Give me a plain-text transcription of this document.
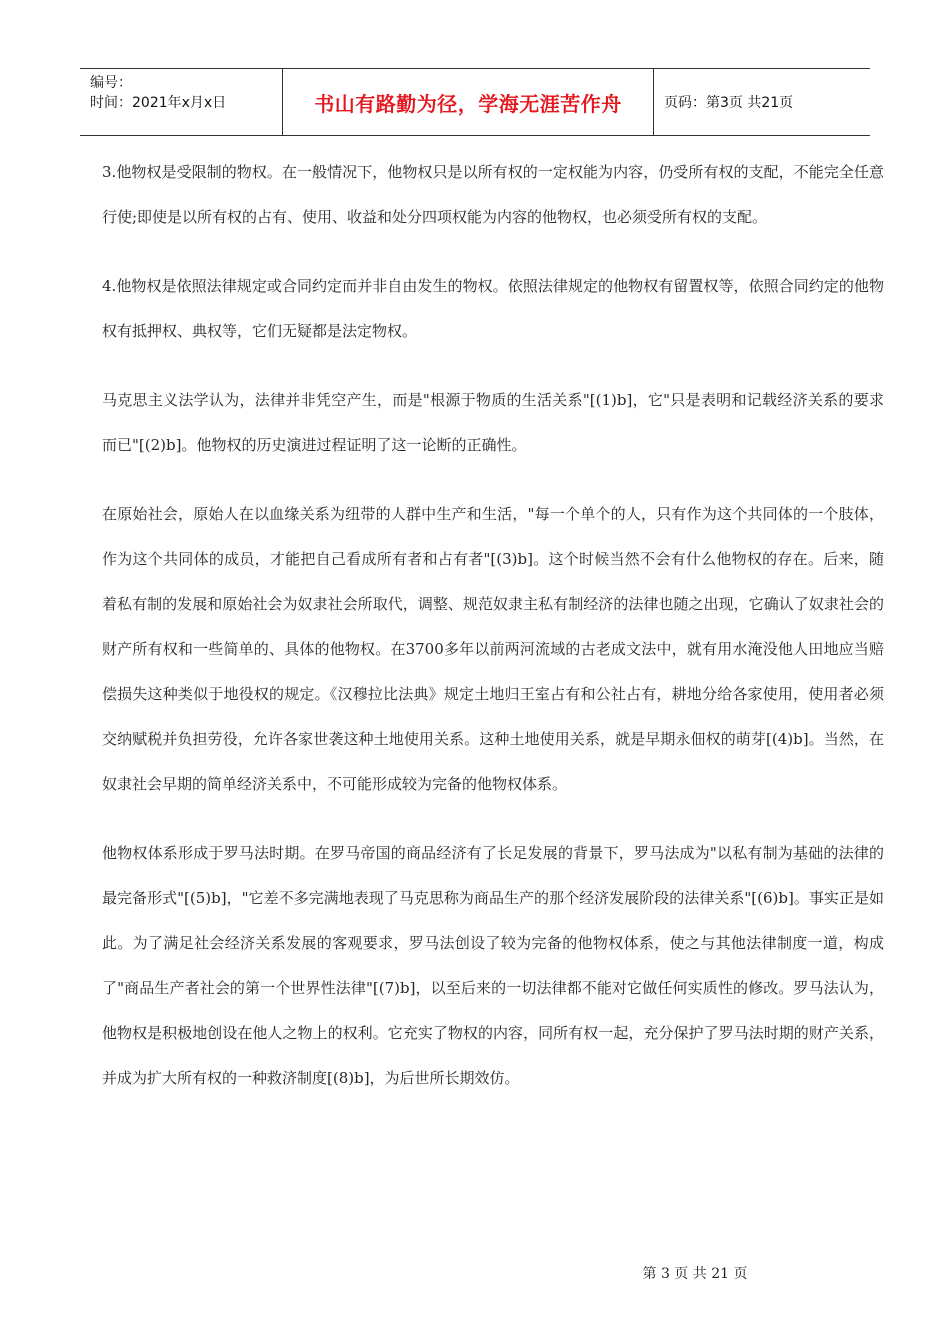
编号：
时间：2021年x月x日	书山有路勤为径，学海无涯苦作舟	页码：第3页 共21页

3.他物权是受限制的物权。在一般情况下，他物权只是以所有权的一定权能为内容，仍受所有权的支配，不能完全任意行使;即使是以所有权的占有、使用、收益和处分四项权能为内容的他物权，也必须受所有权的支配。

4.他物权是依照法律规定或合同约定而并非自由发生的物权。依照法律规定的他物权有留置权等，依照合同约定的他物权有抵押权、典权等，它们无疑都是法定物权。

马克思主义法学认为，法律并非凭空产生，而是"根源于物质的生活关系"[(1)b]，它"只是表明和记载经济关系的要求而已"[(2)b]。他物权的历史演进过程证明了这一论断的正确性。

在原始社会，原始人在以血缘关系为纽带的人群中生产和生活，"每一个单个的人，只有作为这个共同体的一个肢体，作为这个共同体的成员，才能把自己看成所有者和占有者"[(3)b]。这个时候当然不会有什么他物权的存在。后来，随着私有制的发展和原始社会为奴隶社会所取代，调整、规范奴隶主私有制经济的法律也随之出现，它确认了奴隶社会的财产所有权和一些简单的、具体的他物权。在3700多年以前两河流域的古老成文法中，就有用水淹没他人田地应当赔偿损失这种类似于地役权的规定。《汉穆拉比法典》规定土地归王室占有和公社占有，耕地分给各家使用，使用者必须交纳赋税并负担劳役，允许各家世袭这种土地使用关系。这种土地使用关系，就是早期永佃权的萌芽[(4)b]。当然，在奴隶社会早期的简单经济关系中，不可能形成较为完备的他物权体系。

他物权体系形成于罗马法时期。在罗马帝国的商品经济有了长足发展的背景下，罗马法成为"以私有制为基础的法律的最完备形式"[(5)b]，"它差不多完满地表现了马克思称为商品生产的那个经济发展阶段的法律关系"[(6)b]。事实正是如此。为了满足社会经济关系发展的客观要求，罗马法创设了较为完备的他物权体系，使之与其他法律制度一道，构成了"商品生产者社会的第一个世界性法律"[(7)b]，以至后来的一切法律都不能对它做任何实质性的修改。罗马法认为，他物权是积极地创设在他人之物上的权利。它充实了物权的内容，同所有权一起，充分保护了罗马法时期的财产关系，并成为扩大所有权的一种救济制度[(8)b]，为后世所长期效仿。

第 3 页 共 21 页
